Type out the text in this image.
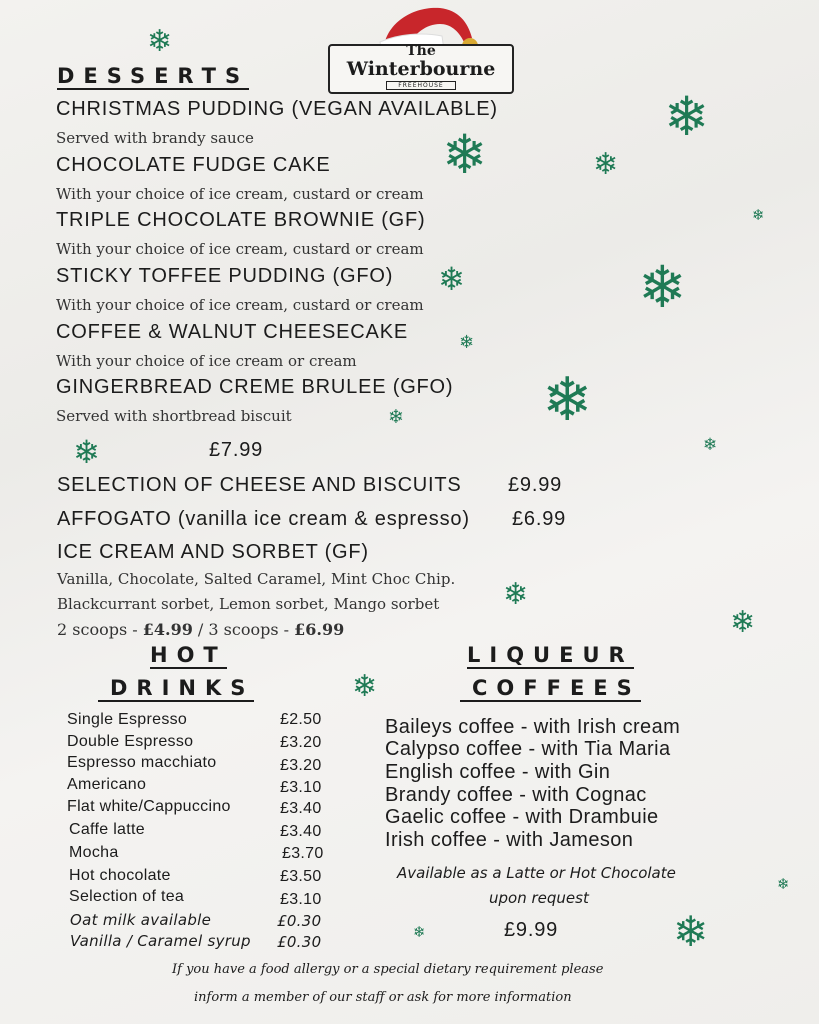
❄
❄
❄	❄
❄
❄	❄
❄
❄
❄
❄	❄
❄
❄
❄
❄
❄
❄
The
Winterbourne
FREEHOUSE
DESSERTS
CHRISTMAS PUDDING (VEGAN AVAILABLE)
Served with brandy sauce
CHOCOLATE FUDGE CAKE
With your choice of ice cream, custard or cream
TRIPLE CHOCOLATE BROWNIE (GF)
With your choice of ice cream, custard or cream
STICKY TOFFEE PUDDING (GFO)
With your choice of ice cream, custard or cream
COFFEE & WALNUT CHEESECAKE
With your choice of ice cream or cream
GINGERBREAD CREME BRULEE (GFO)
Served with shortbread biscuit
£7.99
SELECTION OF CHEESE AND BISCUITS £9.99
AFFOGATO (vanilla ice cream & espresso) £6.99
ICE CREAM AND SORBET (GF)
Vanilla, Chocolate, Salted Caramel, Mint Choc Chip.
Blackcurrant sorbet, Lemon sorbet, Mango sorbet
2 scoops - £4.99 / 3 scoops - £6.99
HOT
DRINKS
Single Espresso	£2.50
Double Espresso	£3.20
Espresso macchiato	£3.20
Americano	£3.10
Flat white/Cappuccino	£3.40
Caffe latte	£3.40
Mocha	£3.70
Hot chocolate	£3.50
Selection of tea	£3.10
Oat milk available	£0.30
Vanilla / Caramel syrup £0.30
LIQUEUR
COFFEES
Baileys coffee - with Irish cream
Calypso coffee - with Tia Maria
English coffee - with Gin
Brandy coffee - with Cognac
Gaelic coffee - with Drambuie
Irish coffee - with Jameson
Available as a Latte or Hot Chocolate
upon request
£9.99
If you have a food allergy or a special dietary requirement please
inform a member of our staff or ask for more information
